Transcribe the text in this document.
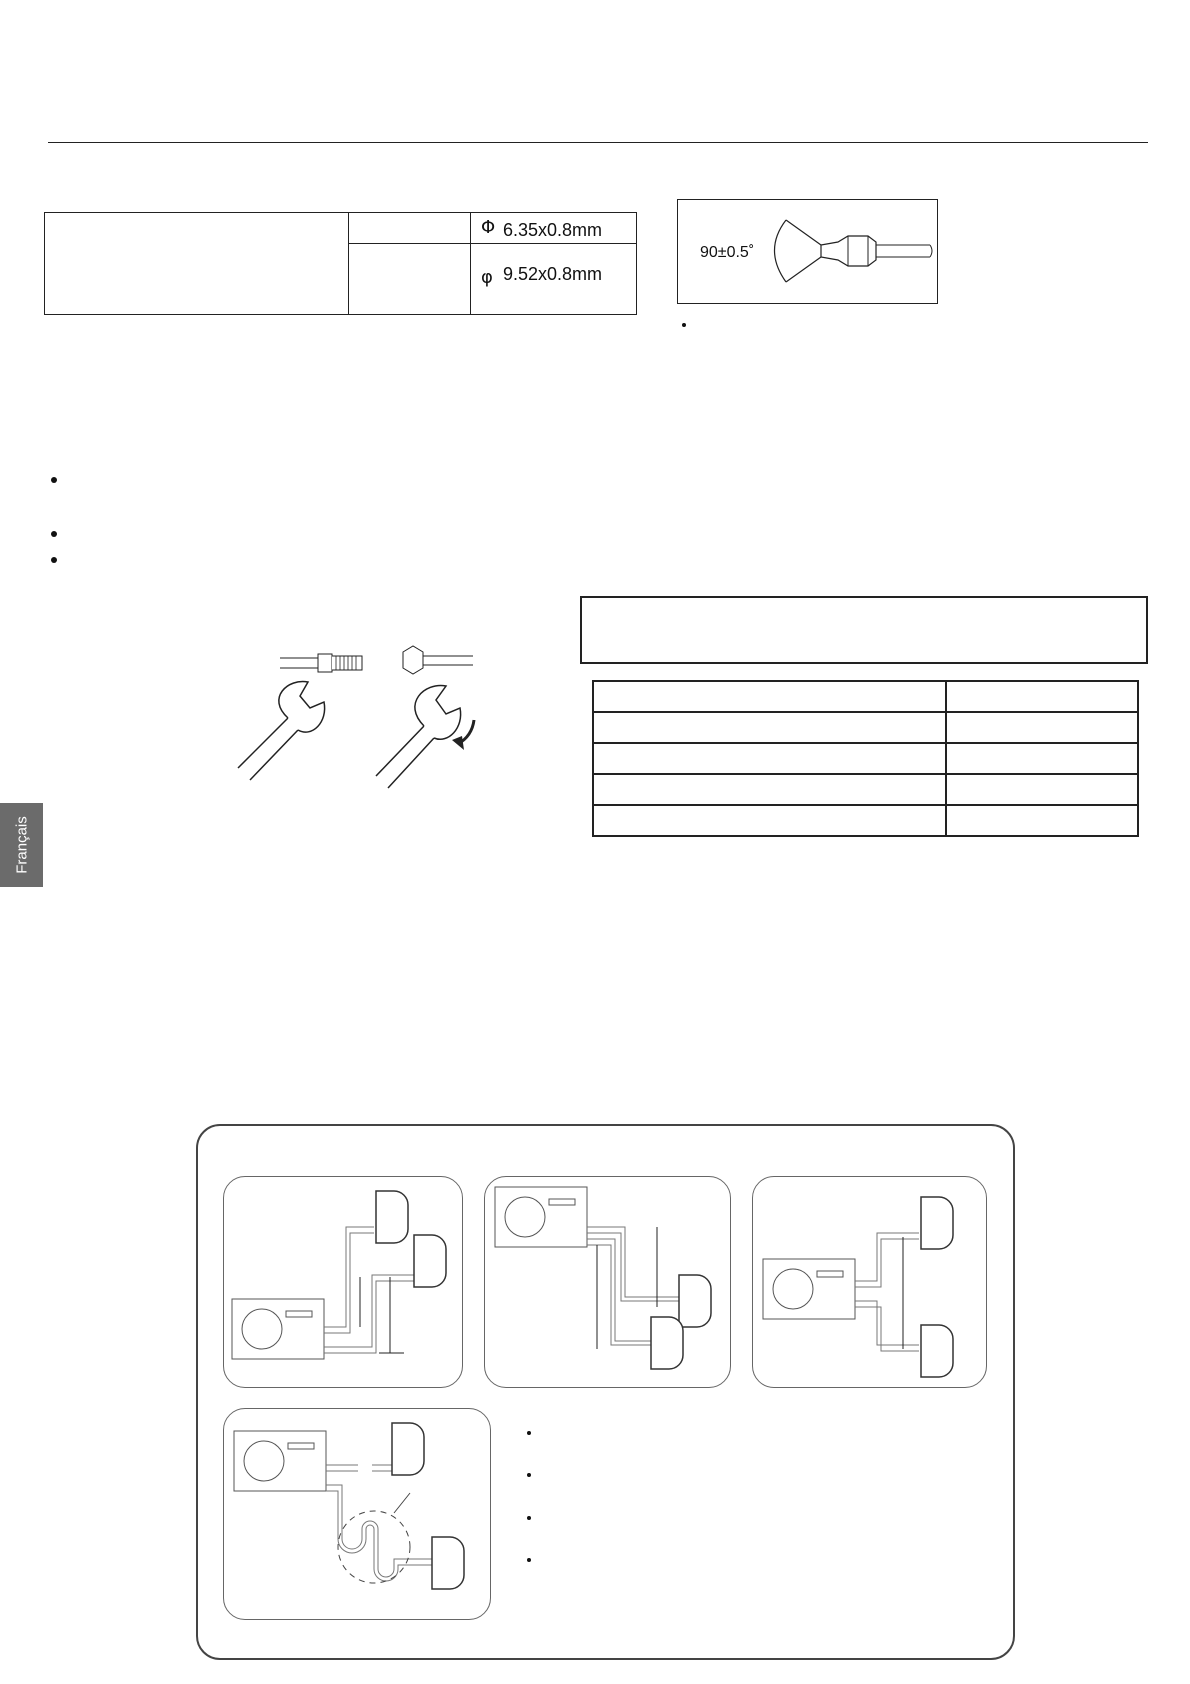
Φ 6.35x0.8mm
φ 9.52x0.8mm
90±0.5˚

Français
